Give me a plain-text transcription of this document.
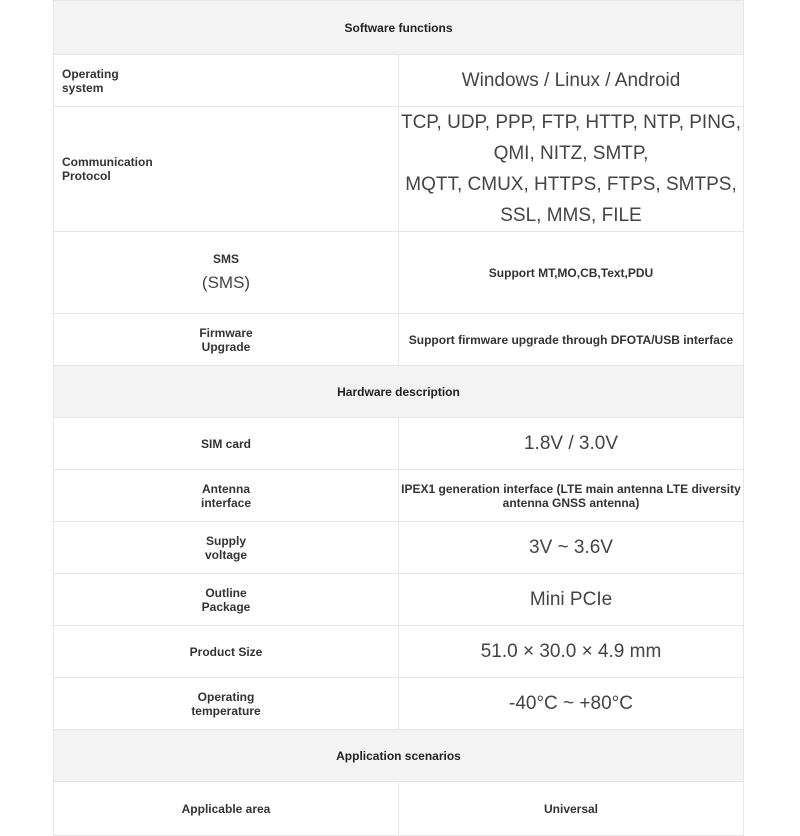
Software functions	

Operating
system	Windows / Linux / Android

Communication
Protocol	TCP, UDP, PPP, FTP, HTTP, NTP, PING, QMI, NITZ, SMTP,
MQTT, CMUX, HTTPS, FTPS, SMTPS, SSL, MMS, FILE

SMS
(SMS)	Support MT,MO,CB,Text,PDU

Firmware
Upgrade	Support firmware upgrade through DFOTA/USB interface
Hardware description	
SIM card	1.8V / 3.0V

Antenna
interface	IPEX1 generation interface (LTE main antenna LTE diversity antenna GNSS antenna)

Supply
voltage	3V ~ 3.6V

Outline
Package	Mini PCIe
Product Size	51.0 × 30.0 × 4.9 mm

Operating
temperature	-40°C ~ +80°C
Application scenarios	
Applicable area	Universal
